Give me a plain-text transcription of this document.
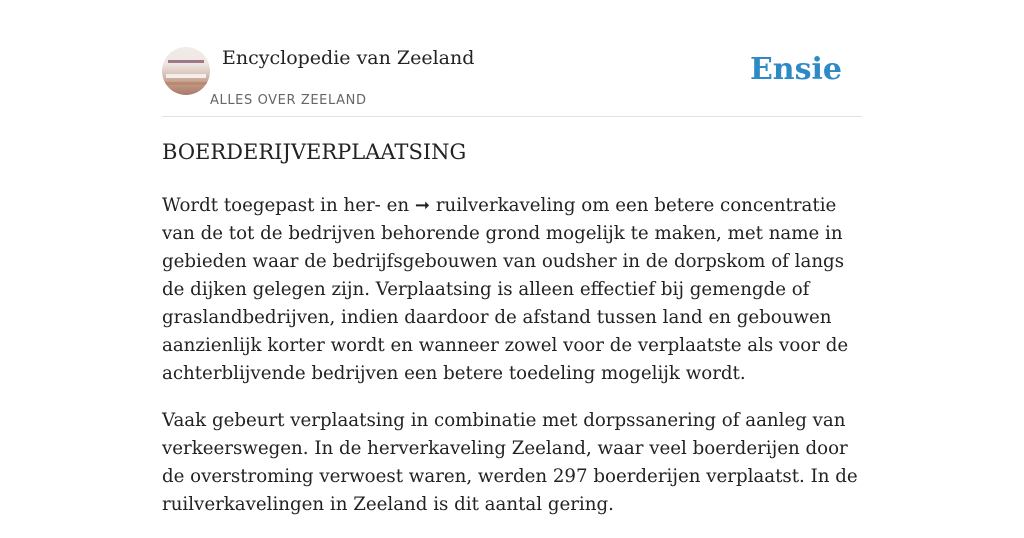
Encyclopedie van Zeeland
ALLES OVER ZEELAND
Ensie
BOERDERIJVERPLAATSING

Wordt toegepast in her- en ➞ ruilverkaveling om een betere concentratie van de tot de bedrijven behorende grond mogelijk te maken, met name in gebieden waar de bedrijfsgebouwen van oudsher in de dorpskom of langs de dijken gelegen zijn. Verplaatsing is alleen effectief bij gemengde of graslandbedrijven, indien daardoor de afstand tussen land en gebouwen aanzienlijk korter wordt en wanneer zowel voor de verplaatste als voor de achterblijvende bedrijven een betere toedeling mogelijk wordt.

Vaak gebeurt verplaatsing in combinatie met dorpssanering of aanleg van verkeerswegen. In de herverkaveling Zeeland, waar veel boerderijen door de overstroming verwoest waren, werden 297 boerderijen verplaatst. In de ruilverkavelingen in Zeeland is dit aantal gering.
